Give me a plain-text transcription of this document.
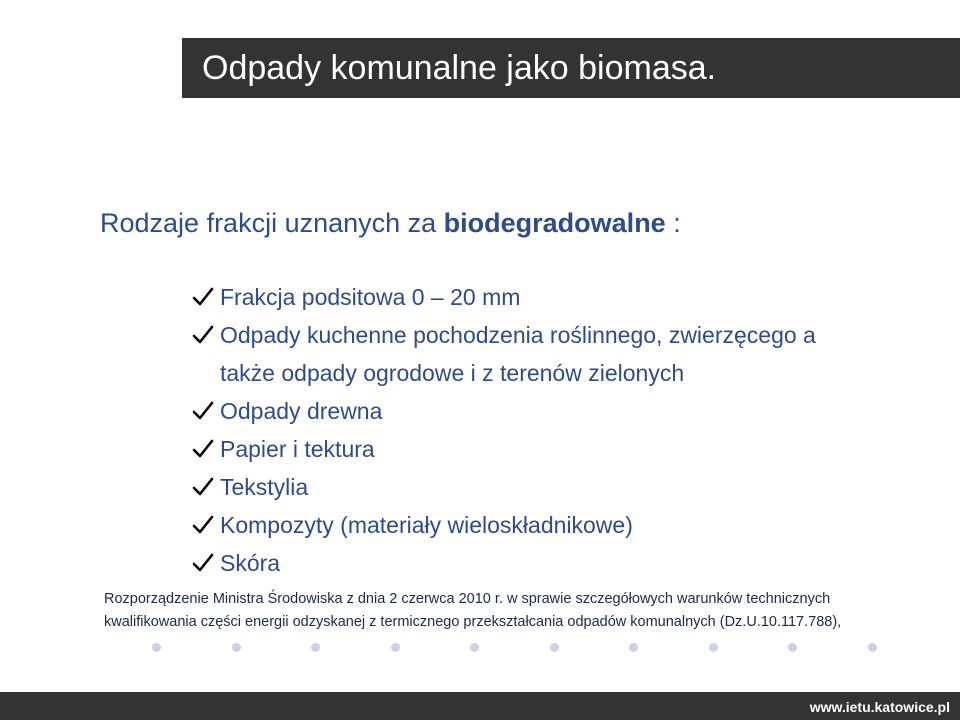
Odpady komunalne jako biomasa.
Rodzaje frakcji uznanych za biodegradowalne :
Frakcja podsitowa 0 – 20 mm
Odpady kuchenne pochodzenia roślinnego, zwierzęcego a
także odpady ogrodowe i z terenów zielonych
Odpady drewna
Papier i tektura
Tekstylia
Kompozyty (materiały wieloskładnikowe)
Skóra
Rozporządzenie Ministra Środowiska z dnia 2 czerwca 2010 r. w sprawie szczegółowych warunków technicznych
kwalifikowania części energii odzyskanej z termicznego przekształcania odpadów komunalnych (Dz.U.10.117.788),
www.ietu.katowice.pl
